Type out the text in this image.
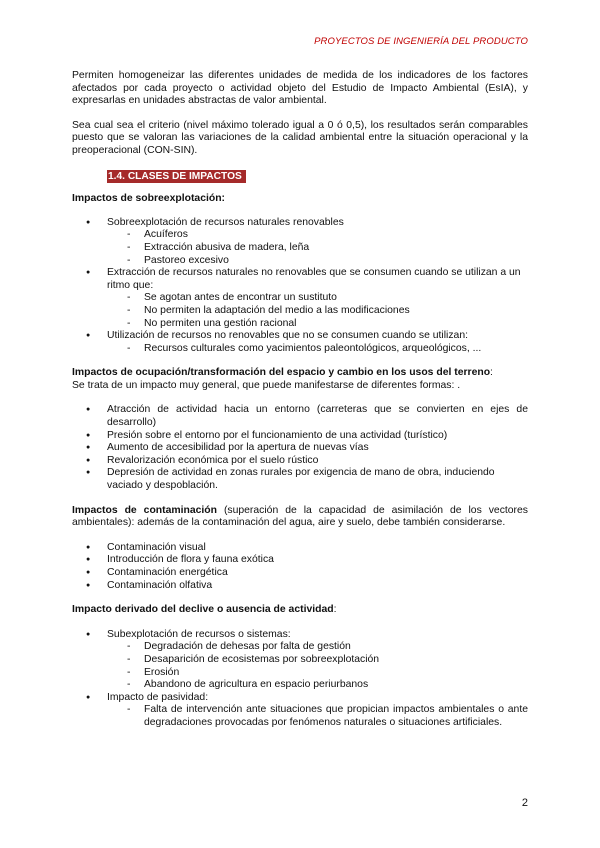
PROYECTOS DE INGENIERÍA DEL PRODUCTO

Permiten homogeneizar las diferentes unidades de medida de los indicadores de los factores afectados por cada proyecto o actividad objeto del Estudio de Impacto Ambiental (EsIA), y expresarlas en unidades abstractas de valor ambiental.

Sea cual sea el criterio (nivel máximo tolerado igual a 0 ó 0,5), los resultados serán comparables puesto que se valoran las variaciones de la calidad ambiental entre la situación operacional y la preoperacional (CON-SIN).

1.4. CLASES DE IMPACTOS
Impactos de sobreexplotación:
● Sobreexplotación de recursos naturales renovables
- Acuíferos
- Extracción abusiva de madera, leña
- Pastoreo excesivo
● Extracción de recursos naturales no renovables que se consumen cuando se utilizan a un ritmo que:
- Se agotan antes de encontrar un sustituto
- No permiten la adaptación del medio a las modificaciones
- No permiten una gestión racional
● Utilización de recursos no renovables que no se consumen cuando se utilizan:
- Recursos culturales como yacimientos paleontológicos, arqueológicos, ...
Impactos de ocupación/transformación del espacio y cambio en los usos del terreno:
Se trata de un impacto muy general, que puede manifestarse de diferentes formas: .
● Atracción de actividad hacia un entorno (carreteras que se convierten en ejes de desarrollo)
● Presión sobre el entorno por el funcionamiento de una actividad (turístico)
● Aumento de accesibilidad por la apertura de nuevas vías
● Revalorización económica por el suelo rústico
● Depresión de actividad en zonas rurales por exigencia de mano de obra, induciendo vaciado y despoblación.

Impactos de contaminación (superación de la capacidad de asimilación de los vectores ambientales): además de la contaminación del agua, aire y suelo, debe también considerarse.

● Contaminación visual
● Introducción de flora y fauna exótica
● Contaminación energética
● Contaminación olfativa
Impacto derivado del declive o ausencia de actividad:
● Subexplotación de recursos o sistemas:
- Degradación de dehesas por falta de gestión
- Desaparición de ecosistemas por sobreexplotación
- Erosión
- Abandono de agricultura en espacio periurbanos
● Impacto de pasividad:
- Falta de intervención ante situaciones que propician impactos ambientales o ante degradaciones provocadas por fenómenos naturales o situaciones artificiales.
2
